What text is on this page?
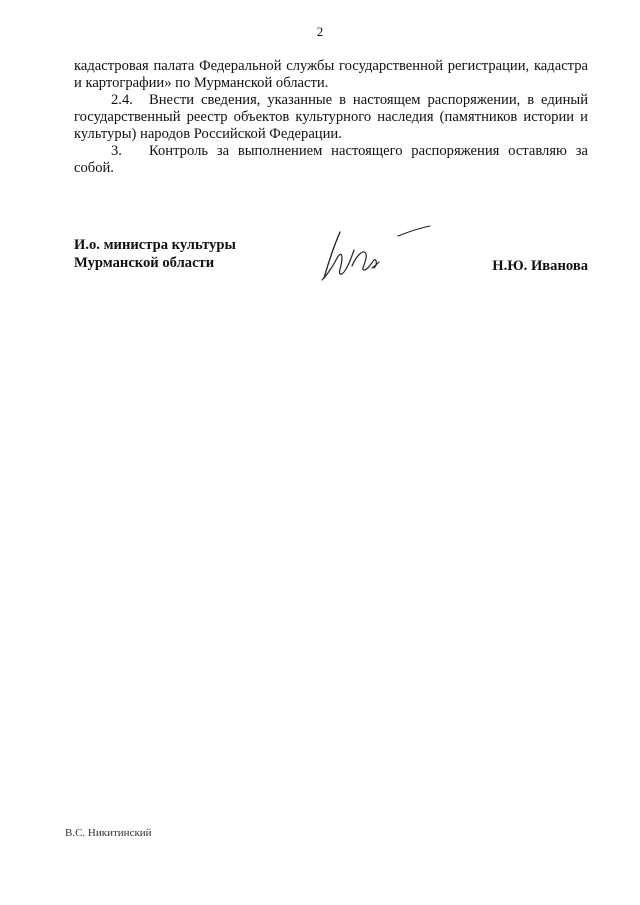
2

кадастровая палата Федеральной службы государственной регистрации, кадастра и картографии» по Мурманской области.

2.4. Внести сведения, указанные в настоящем распоряжении, в единый государственный реестр объектов культурного наследия (памятников истории и культуры) народов Российской Федерации.

3. Контроль за выполнением настоящего распоряжения оставляю за собой.

И.о. министра культуры
Мурманской области	Н.Ю. Иванова
В.С. Никитинский
